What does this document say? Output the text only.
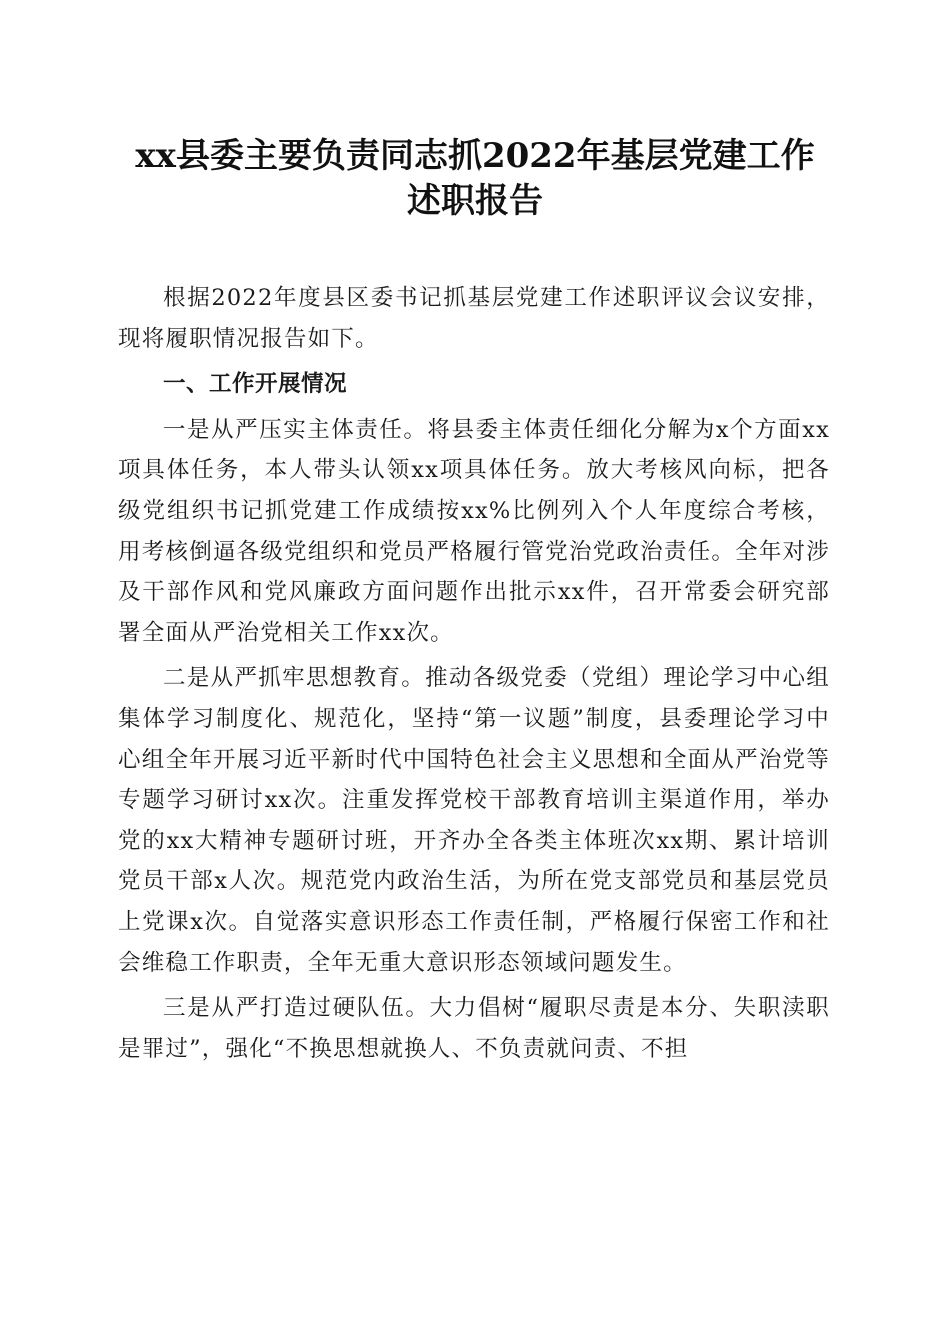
xx县委主要负责同志抓2022年基层党建工作
述职报告

根据2022年度县区委书记抓基层党建工作述职评议会议安排，现将履职情况报告如下。

一、工作开展情况

一是从严压实主体责任。将县委主体责任细化分解为x个方面xx项具体任务，本人带头认领xx项具体任务。放大考核风向标，把各级党组织书记抓党建工作成绩按xx%比例列入个人年度综合考核，用考核倒逼各级党组织和党员严格履行管党治党政治责任。全年对涉及干部作风和党风廉政方面问题作出批示xx件，召开常委会研究部署全面从严治党相关工作xx次。

二是从严抓牢思想教育。推动各级党委（党组）理论学习中心组集体学习制度化、规范化，坚持“第一议题”制度，县委理论学习中心组全年开展习近平新时代中国特色社会主义思想和全面从严治党等专题学习研讨xx次。注重发挥党校干部教育培训主渠道作用，举办党的xx大精神专题研讨班，开齐办全各类主体班次xx期、累计培训党员干部x人次。规范党内政治生活，为所在党支部党员和基层党员上党课x次。自觉落实意识形态工作责任制，严格履行保密工作和社会维稳工作职责，全年无重大意识形态领域问题发生。

三是从严打造过硬队伍。大力倡树“履职尽责是本分、失职渎职是罪过”，强化“不换思想就换人、不负责就问责、不担
